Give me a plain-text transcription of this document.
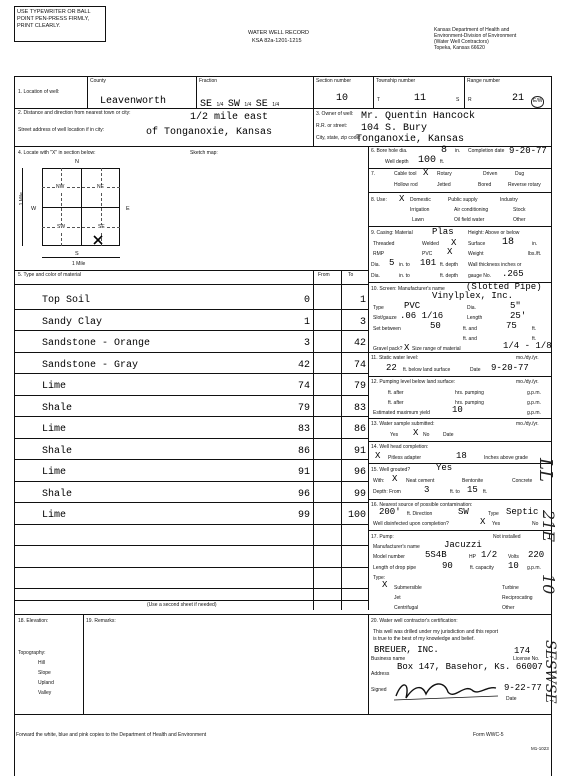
USE TYPEWRITER OR BALL
POINT PEN-PRESS FIRMLY,
PRINT CLEARLY.
WATER WELL RECORD
KSA 82a-1201-1215
Kansas Department of Health and
Environment-Division of Environment
(Water Well Contractors)
Topeka, Kansas 66620
1. Location of well:
County
Leavenworth
Fraction
SE 1/4 SW 1/4 SE 1/4
Section number
10
Township number
T	11	S
Range number
R	21	E/W
2. Distance and direction from nearest town or city:	1/2 mile east
Street address of well location if in city:	of Tonganoxie, Kansas
3. Owner of well:
R.R. or street:
City, state, zip code:
Mr. Quentin Hancock
104 S. Bury
Tonganoxie, Kansas
4. Locate with "X" in section below:	Sketch map:
N
S
E
W
NW	NE
SW	SE
1 Mile
1 Mile
5. Type and color of material	From	To
Top Soil	0	1
Sandy Clay	1	3
Sandstone - Orange	3	42
Sandstone - Gray	42	74
Lime	74	79
Shale	79	83
Lime	83	86
Shale	86	91
Lime	91	96
Shale	96	99
Lime	99	100
(Use a second sheet if needed)
6. Bore hole dia.	8 in. Completion date 9-20-77
Well depth 100 ft.
7.	Cable tool X Rotary	Driven	Dug
Hollow rod	Jetted	Bored	Reverse rotary
8. Use: X Domestic	Public supply	Industry
Irrigation	Air conditioning	Stock
Lawn	Oil field water	Other
9. Casing: Material Plas	Height: Above or below
Threaded	Welded X Surface 18	in.
RMP	PVC X	Weight	lbs./ft.
Dia. 5 in. to 101 ft. depth Wall thickness inches or
Dia.	in. to	ft. depth gauge No. .265
10. Screen: Manufacturer's name (Slotted Pipe)
Vinylplex, Inc.
Type PVC	Dia.	5"
Slot/gauze .06 1/16	Length	25'
Set between	50	ft. and	75	ft.
ft. and	ft.
Gravel pack? X Size range of material	1/4 - 1/8
11. Static water level:	mo./dy./yr.
22 ft. below land surface	Date 9-20-77
12. Pumping level below land surface:	mo./dy./yr.
ft. after	hrs. pumping	g.p.m.
ft. after	hrs. pumping	g.p.m.
Estimated maximum yield 10	g.p.m.
13. Water sample submitted:	mo./dy./yr.
Yes X No	Date
14. Well head completion:
X Pitless adapter	18	Inches above grade
15. Well grouted?	Yes
With: X Neat cement	Bentonite	Concrete
Depth: From	3	ft. to 15 ft.
16. Nearest source of possible contamination:
200' ft. Direction	SW	Type Septic
Well disinfected upon completion?	X Yes	No
17. Pump:	Not installed
Manufacturer's name	Jacuzzi
Model number 5S4B	HP 1/2 Volts 220
Length of drop pipe	90	ft. capacity 10 g.p.m.
Type:
X Submersible	Turbine
Jet	Reciprocating
Centrifugal	Other
18. Elevation:
Topography:
Hill
Slope
Upland
Valley
19. Remarks:	20. Water well contractor's certification:
This well was drilled under my jurisdiction and this report
is true to the best of my knowledge and belief.
BREUER, INC.	174
Business name	License No.
Box 147, Basehor, Ks. 66007
Address
Signed	9-22-77
Date
Forward the white, blue and pink copies to the Department of Health and Environment	Form WWC-5
M1-1023
LL
21E
10
SESWSE
